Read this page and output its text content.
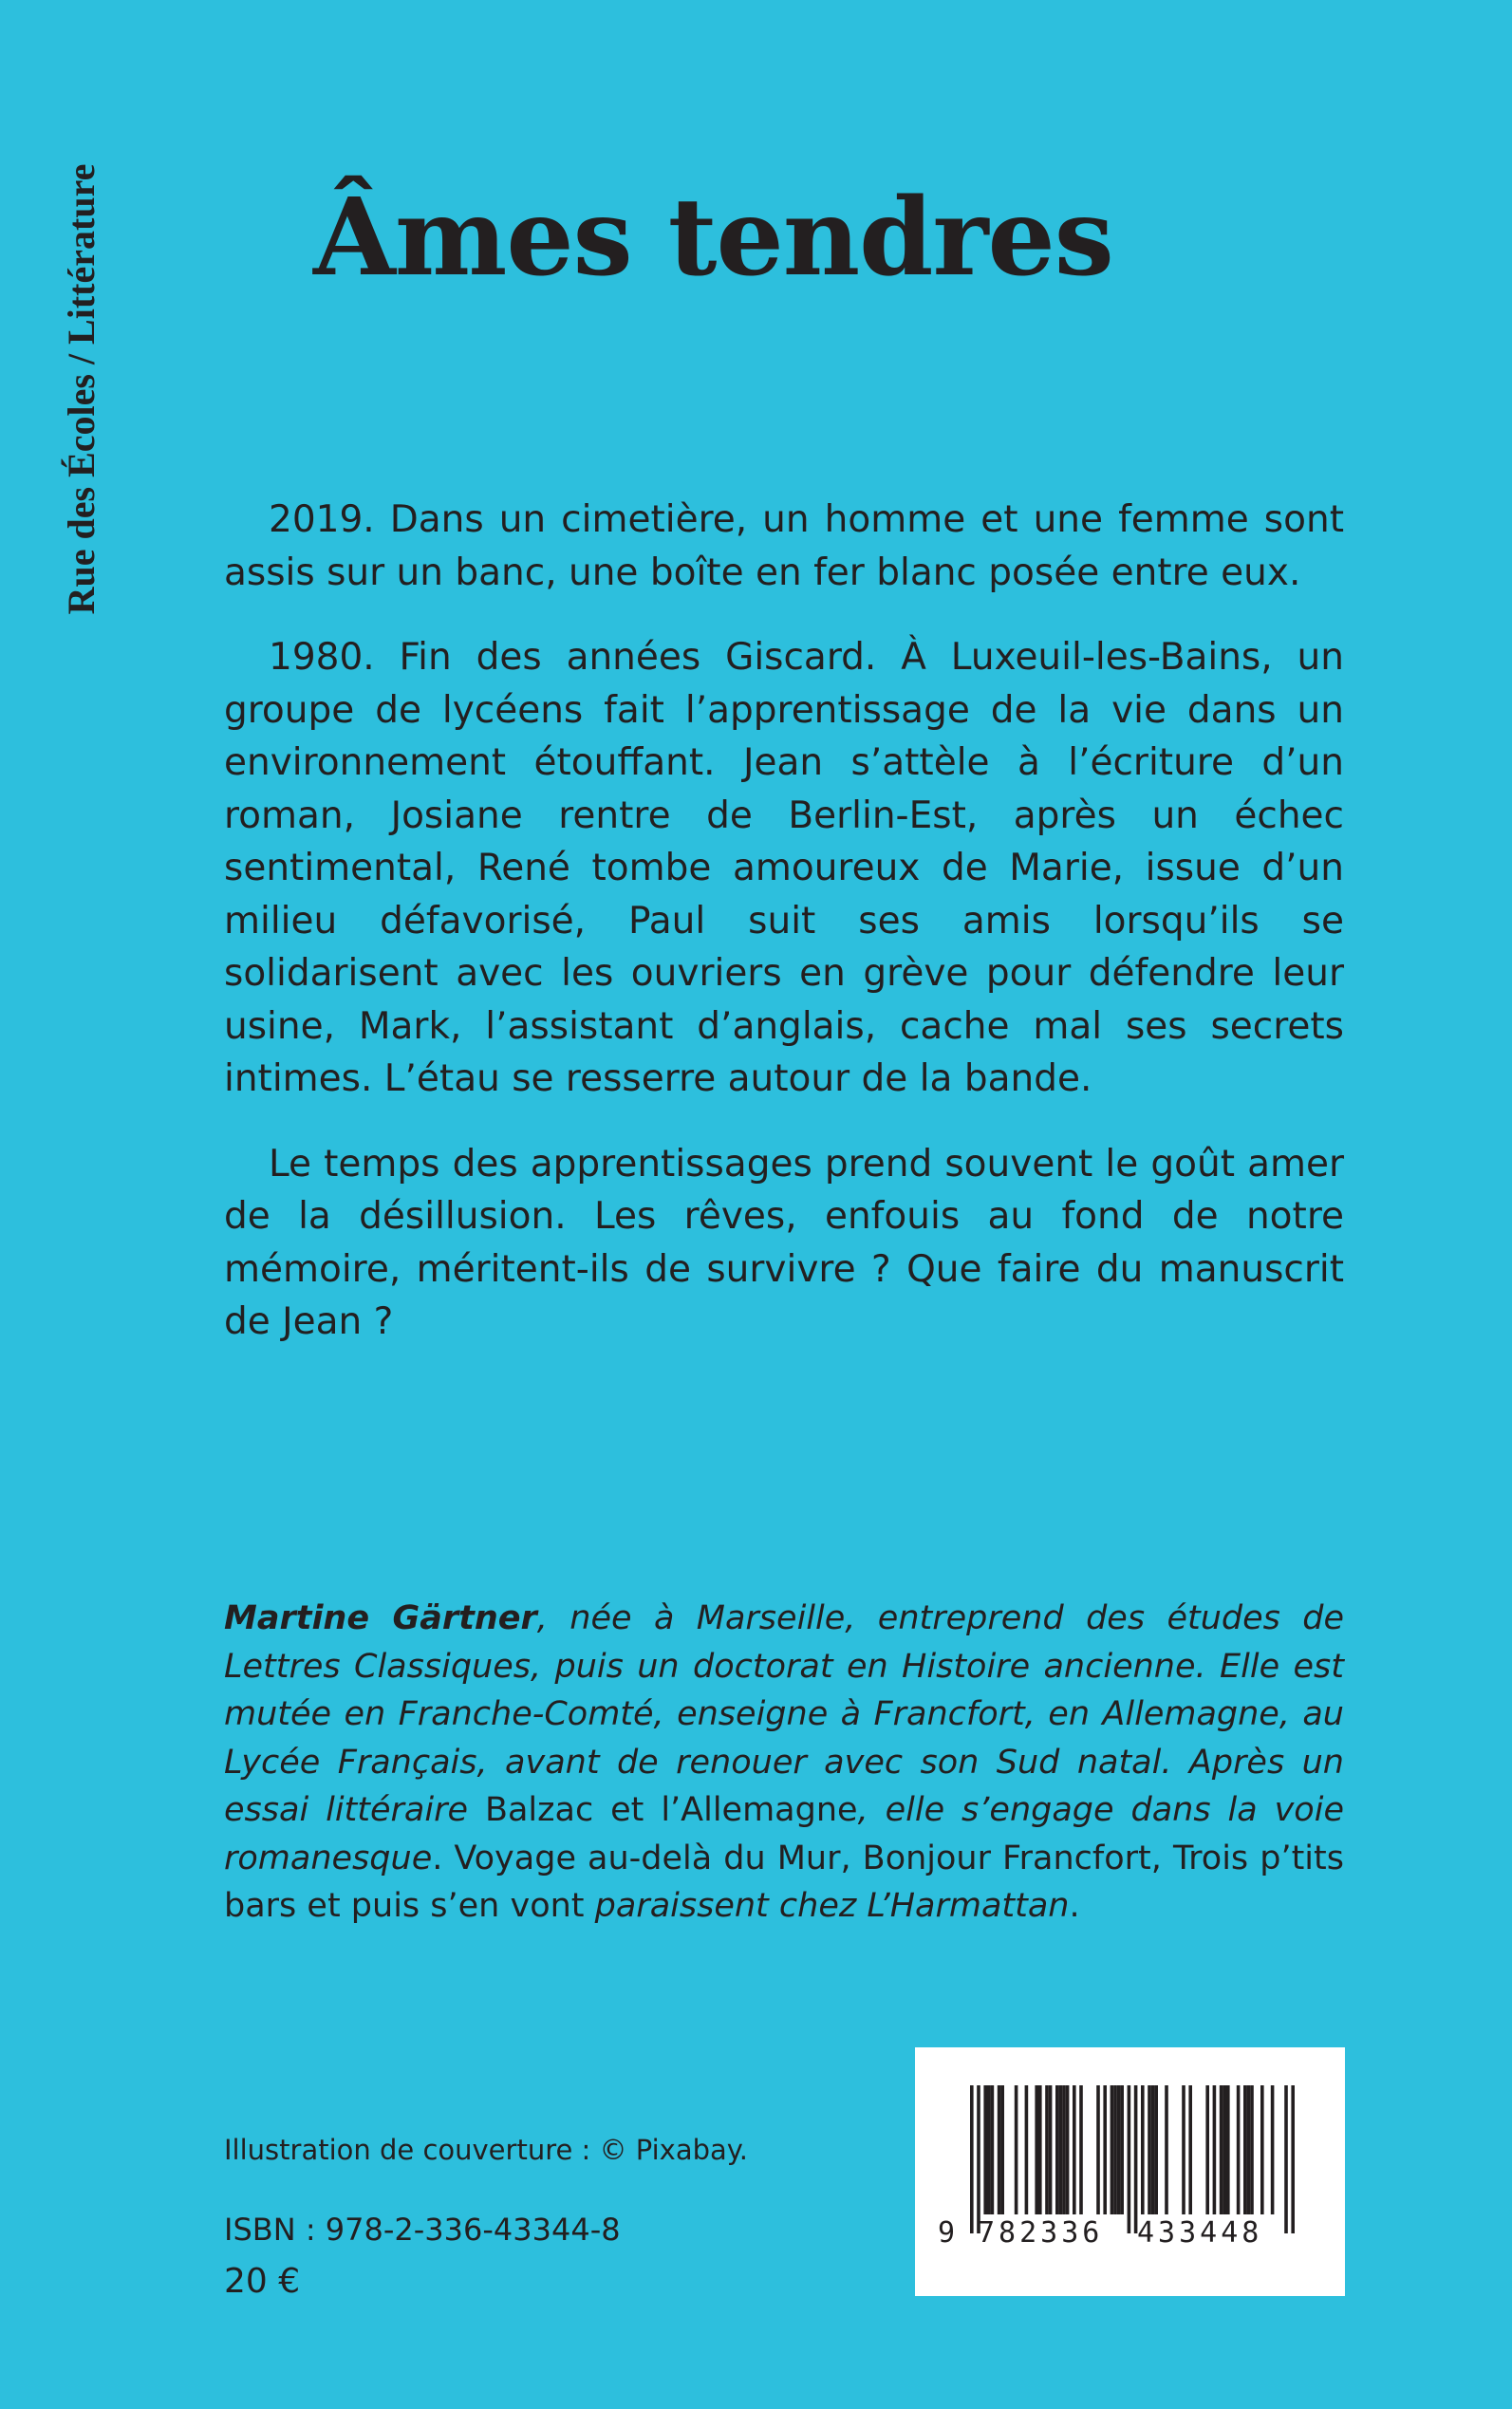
Rue des Écoles / Littérature Âmes tendres

2019. Dans un cimetière, un homme et une femme sont assis sur un banc, une boîte en fer blanc posée entre eux.

1980. Fin des années Giscard. À Luxeuil-les-Bains, un groupe de lycéens fait l’apprentissage de la vie dans un environnement étouffant. Jean s’attèle à l’écriture d’un roman, Josiane rentre de Berlin-Est, après un échec sentimental, René tombe amoureux de Marie, issue d’un milieu défavorisé, Paul suit ses amis lorsqu’ils se solidarisent avec les ouvriers en grève pour défendre leur usine, Mark, l’assistant d’anglais, cache mal ses secrets intimes. L’étau se resserre autour de la bande.

Le temps des apprentissages prend souvent le goût amer de la désillusion. Les rêves, enfouis au fond de notre mémoire, méritent-ils de survivre ? Que faire du manuscrit de Jean ?

Martine Gärtner, née à Marseille, entreprend des études de Lettres Classiques, puis un doctorat en Histoire ancienne. Elle est mutée en Franche-Comté, enseigne à Francfort, en Allemagne, au Lycée Français, avant de renouer avec son Sud natal. Après un essai littéraire Balzac et l’Allemagne, elle s’engage dans la voie romanesque. Voyage au-delà du Mur, Bonjour Francfort, Trois p’tits bars et puis s’en vont paraissent chez L’Harmattan.
Illustration de couverture : © Pixabay.
ISBN : 978-2-336-43344-8
20 €
9 782336 433448
